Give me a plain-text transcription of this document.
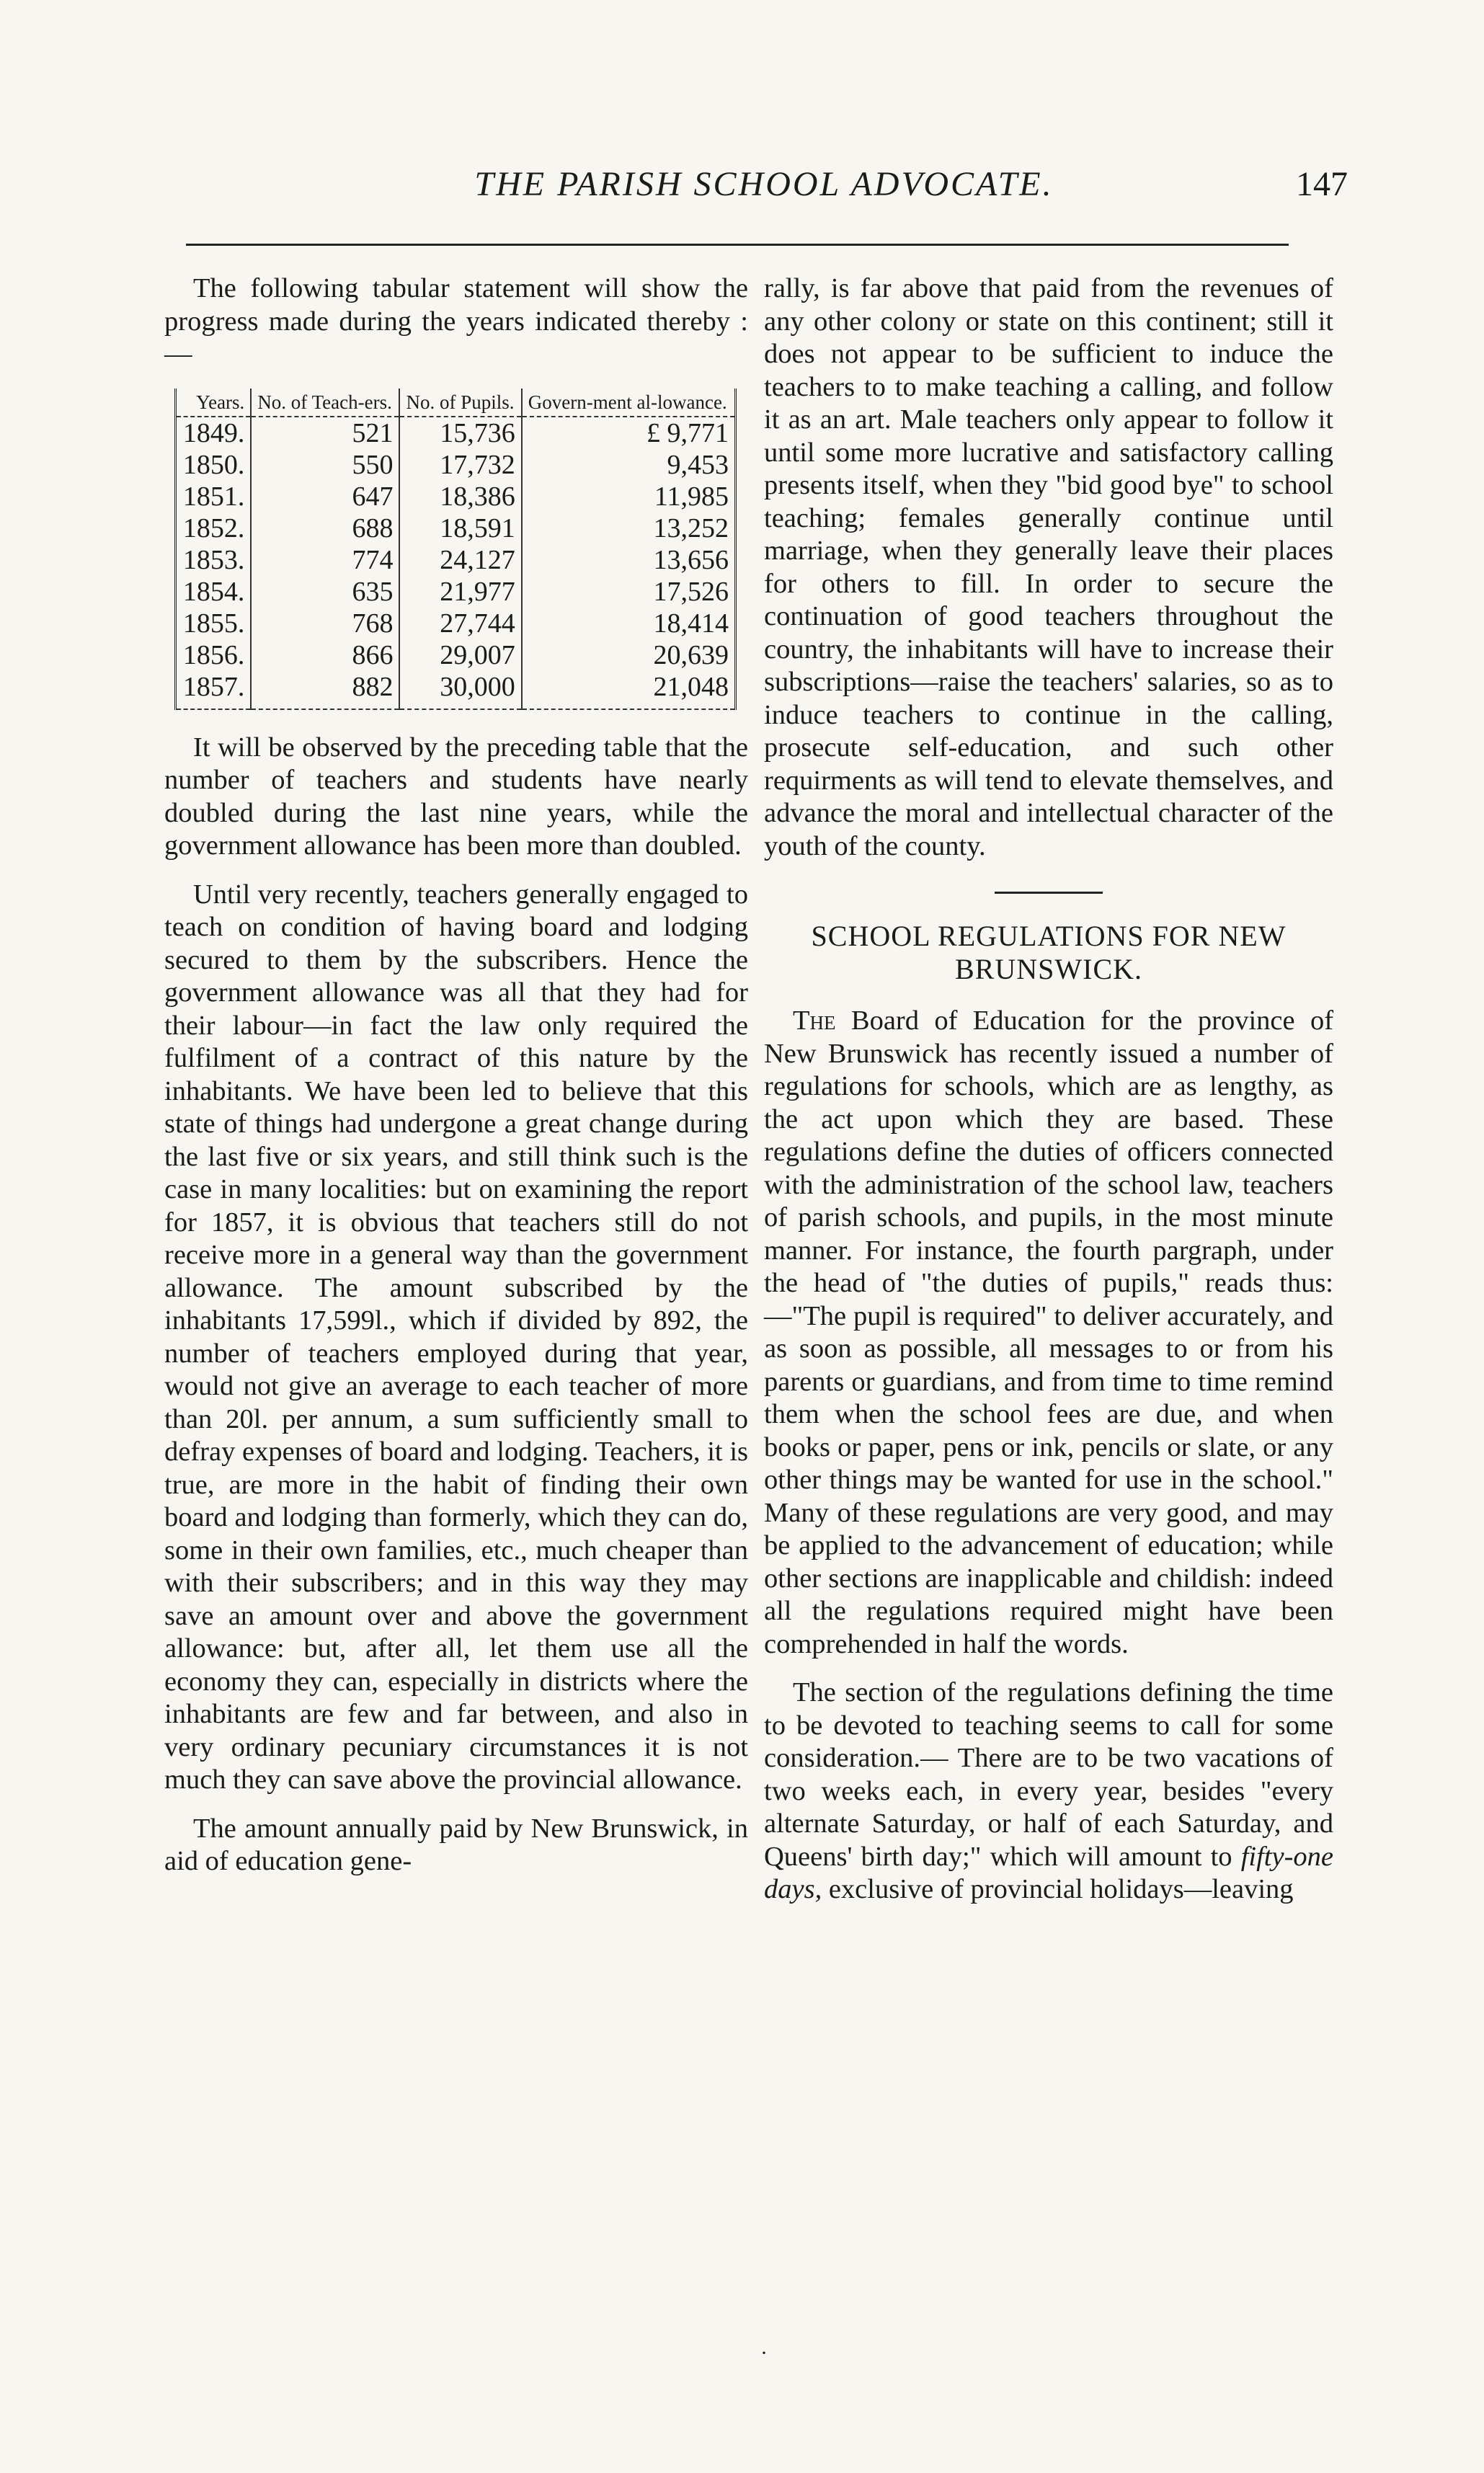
THE PARISH SCHOOL ADVOCATE.	147

The following tabular statement will show the progress made during the years indicated thereby :—

Years.	No. of Teach-ers.	No. of Pupils.	Govern-ment al-lowance.
1849.	521	15,736	£ 9,771
1850.	550	17,732	9,453
1851.	647	18,386	11,985
1852.	688	18,591	13,252
1853.	774	24,127	13,656
1854.	635	21,977	17,526
1855.	768	27,744	18,414
1856.	866	29,007	20,639
1857.	882	30,000	21,048

It will be observed by the preceding table that the number of teachers and students have nearly doubled during the last nine years, while the government allowance has been more than doubled.

Until very recently, teachers generally engaged to teach on condition of having board and lodging secured to them by the subscribers. Hence the government allowance was all that they had for their labour—in fact the law only required the fulfilment of a contract of this nature by the inhabitants. We have been led to believe that this state of things had undergone a great change during the last five or six years, and still think such is the case in many localities: but on examining the report for 1857, it is obvious that teachers still do not receive more in a general way than the government allowance. The amount subscribed by the inhabitants 17,599l., which if divided by 892, the number of teachers employed during that year, would not give an average to each teacher of more than 20l. per annum, a sum sufficiently small to defray expenses of board and lodging. Teachers, it is true, are more in the habit of finding their own board and lodging than formerly, which they can do, some in their own families, etc., much cheaper than with their subscribers; and in this way they may save an amount over and above the government allowance: but, after all, let them use all the economy they can, especially in districts where the inhabitants are few and far between, and also in very ordinary pecuniary circumstances it is not much they can save above the provincial allowance.

The amount annually paid by New Brunswick, in aid of education gene-

rally, is far above that paid from the revenues of any other colony or state on this continent; still it does not appear to be sufficient to induce the teachers to to make teaching a calling, and follow it as an art. Male teachers only appear to follow it until some more lucrative and satisfactory calling presents itself, when they "bid good bye" to school teaching; females generally continue until marriage, when they generally leave their places for others to fill. In order to secure the continuation of good teachers throughout the country, the inhabitants will have to increase their subscriptions—raise the teachers' salaries, so as to induce teachers to continue in the calling, prosecute self-education, and such other requirments as will tend to elevate themselves, and advance the moral and intellectual character of the youth of the county.

SCHOOL REGULATIONS FOR NEW BRUNSWICK.

The Board of Education for the province of New Brunswick has recently issued a number of regulations for schools, which are as lengthy, as the act upon which they are based. These regulations define the duties of officers connected with the administration of the school law, teachers of parish schools, and pupils, in the most minute manner. For instance, the fourth pargraph, under the head of "the duties of pupils," reads thus:—"The pupil is required" to deliver accurately, and as soon as possible, all messages to or from his parents or guardians, and from time to time remind them when the school fees are due, and when books or paper, pens or ink, pencils or slate, or any other things may be wanted for use in the school." Many of these regulations are very good, and may be applied to the advancement of education; while other sections are inapplicable and childish: indeed all the regulations required might have been comprehended in half the words.

The section of the regulations defining the time to be devoted to teaching seems to call for some consideration.— There are to be two vacations of two weeks each, in every year, besides "every alternate Saturday, or half of each Saturday, and Queens' birth day;" which will amount to fifty-one days, exclusive of provincial holidays—leaving

·
